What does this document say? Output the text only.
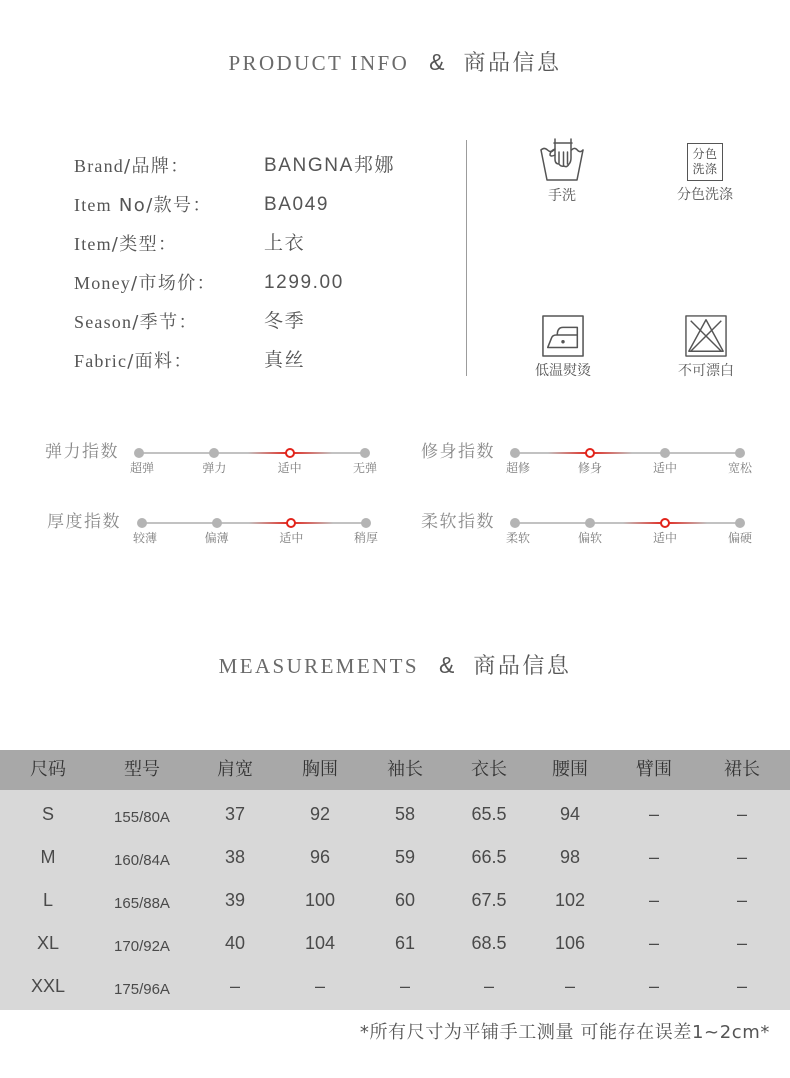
PRODUCT INFO & 商品信息
Brand/品牌：	BANGNA邦娜
Item No/款号：	BA049
Item/类型：	上衣
Money/市场价：	1299.00
Season/季节：	冬季
Fabric/面料：	真丝
手洗
分色
洗涤
分色洗涤
低温熨烫	不可漂白
弹力指数
超弹	弹力	适中	无弹
修身指数
超修	修身	适中	宽松
厚度指数
较薄	偏薄	适中	稍厚
柔软指数
柔软	偏软	适中	偏硬
MEASUREMENTS & 商品信息
尺码	型号	肩宽	胸围	袖长	衣长	腰围	臂围	裙长
S	155/80A	37	92	58	65.5	94	–	–
M	160/84A	38	96	59	66.5	98	–	–
L	165/88A	39	100	60	67.5	102	–	–
XL	170/92A	40	104	61	68.5	106	–	–
XXL	175/96A	–	–	–	–	–	–	–
*所有尺寸为平铺手工测量 可能存在误差1~2cm*
